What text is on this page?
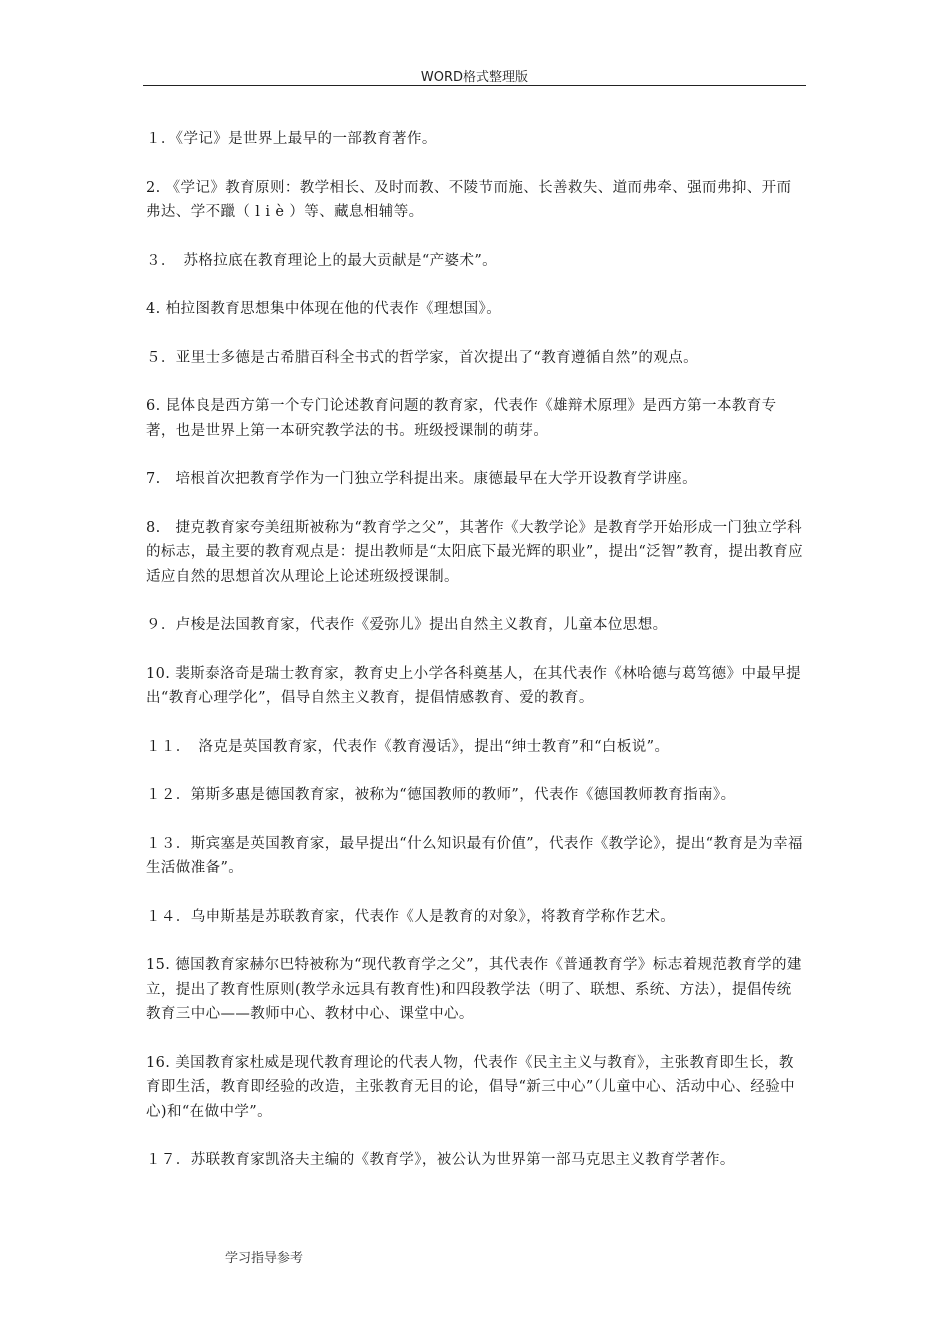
WORD格式整理版

１．《学记》是世界上最早的一部教育著作。

2. 《学记》教育原则：教学相长、及时而教、不陵节而施、长善救失、道而弗牵、强而弗抑、开而弗达、学不躐（ l i è ）等、藏息相辅等。

３．　苏格拉底在教育理论上的最大贡献是“产婆术”。

4. 柏拉图教育思想集中体现在他的代表作《理想国》。

５．亚里士多德是古希腊百科全书式的哲学家，首次提出了“教育遵循自然”的观点。

6. 昆体良是西方第一个专门论述教育问题的教育家，代表作《雄辩术原理》是西方第一本教育专著，也是世界上第一本研究教学法的书。班级授课制的萌芽。

7.　培根首次把教育学作为一门独立学科提出来。康德最早在大学开设教育学讲座。

8.　捷克教育家夸美纽斯被称为“教育学之父”，其著作《大教学论》是教育学开始形成一门独立学科的标志，最主要的教育观点是：提出教师是“太阳底下最光辉的职业”，提出“泛智”教育，提出教育应适应自然的思想首次从理论上论述班级授课制。

９．卢梭是法国教育家，代表作《爱弥儿》提出自然主义教育，儿童本位思想。

10. 裴斯泰洛奇是瑞士教育家，教育史上小学各科奠基人，在其代表作《林哈德与葛笃德》中最早提出“教育心理学化”，倡导自然主义教育，提倡情感教育、爱的教育。

１１．　洛克是英国教育家，代表作《教育漫话》，提出“绅士教育”和“白板说”。

１２．第斯多惠是德国教育家，被称为“德国教师的教师”，代表作《德国教师教育指南》。

１３．斯宾塞是英国教育家，最早提出“什么知识最有价值”，代表作《教学论》，提出“教育是为幸福生活做准备”。

１４．乌申斯基是苏联教育家，代表作《人是教育的对象》，将教育学称作艺术。

15. 德国教育家赫尔巴特被称为“现代教育学之父”，其代表作《普通教育学》标志着规范教育学的建立，提出了教育性原则(教学永远具有教育性)和四段教学法（明了、联想、系统、方法），提倡传统教育三中心——教师中心、教材中心、课堂中心。

16. 美国教育家杜威是现代教育理论的代表人物，代表作《民主主义与教育》，主张教育即生长，教育即生活，教育即经验的改造，主张教育无目的论，倡导“新三中心”（儿童中心、活动中心、经验中心)和“在做中学”。

１７．苏联教育家凯洛夫主编的《教育学》，被公认为世界第一部马克思主义教育学著作。

学习指导参考
